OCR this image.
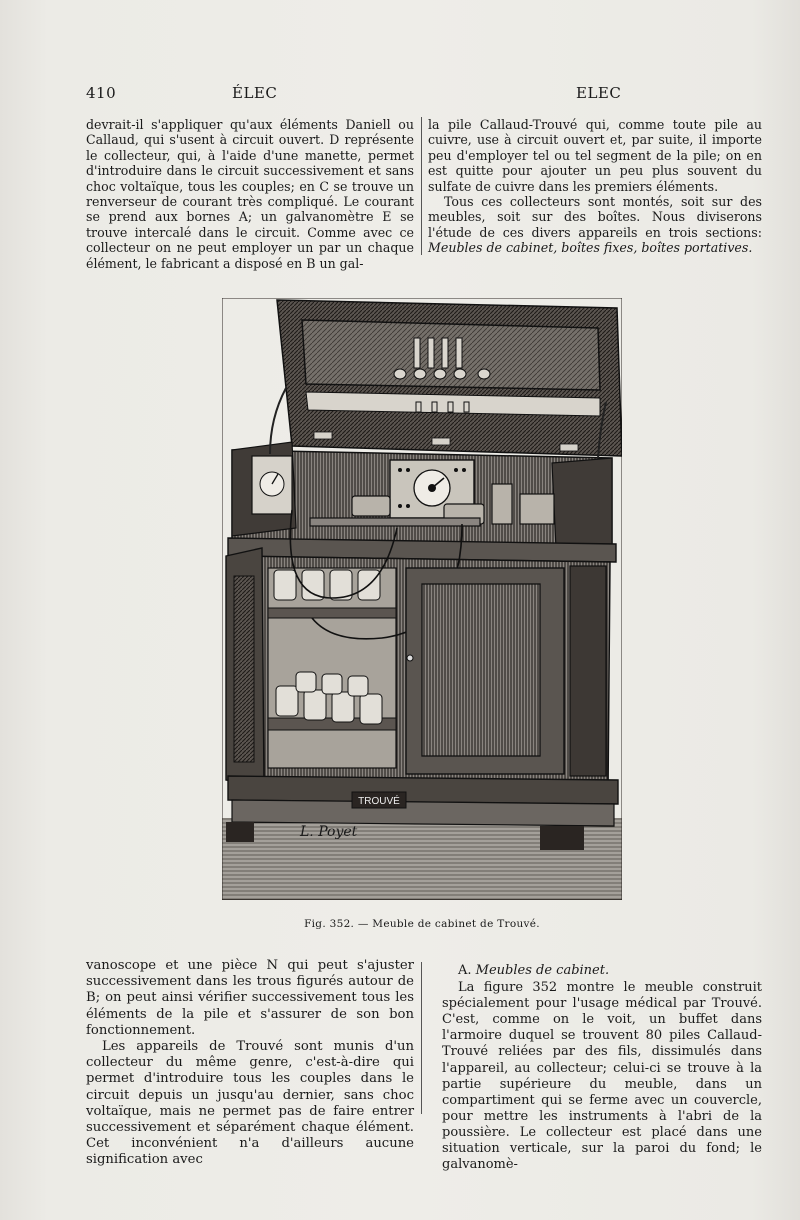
410	ÉLEC	ELEC

devrait-il s'appliquer qu'aux éléments Daniell ou Callaud, qui s'usent à circuit ouvert. D représente le collecteur, qui, à l'aide d'une manette, permet d'introduire dans le circuit successivement et sans choc voltaïque, tous les couples; en C se trouve un renverseur de courant très compliqué. Le courant se prend aux bornes A; un galvanomètre E se trouve intercalé dans le circuit. Comme avec ce collecteur on ne peut employer un par un chaque élément, le fabricant a disposé en B un gal-

la pile Callaud-Trouvé qui, comme toute pile au cuivre, use à circuit ouvert et, par suite, il importe peu d'employer tel ou tel segment de la pile; on en est quitte pour ajouter un peu plus souvent du sulfate de cuivre dans les premiers éléments.

Tous ces collecteurs sont montés, soit sur des meubles, soit sur des boîtes. Nous diviserons l'étude de ces divers appareils en trois sections: Meubles de cabinet, boîtes fixes, boîtes portatives.

TROUVÉ
L. Poyet
Fig. 352. — Meuble de cabinet de Trouvé.

vanoscope et une pièce N qui peut s'ajuster successivement dans les trous figurés autour de B; on peut ainsi vérifier successivement tous les éléments de la pile et s'assurer de son bon fonctionnement.

Les appareils de Trouvé sont munis d'un collecteur du même genre, c'est-à-dire qui permet d'introduire tous les couples dans le circuit depuis un jusqu'au dernier, sans choc voltaïque, mais ne permet pas de faire entrer successivement et séparément chaque élément. Cet inconvénient n'a d'ailleurs aucune signification avec

A. Meubles de cabinet.

La figure 352 montre le meuble construit spécialement pour l'usage médical par Trouvé. C'est, comme on le voit, un buffet dans l'armoire duquel se trouvent 80 piles Callaud-Trouvé reliées par des fils, dissimulés dans l'appareil, au collecteur; celui-ci se trouve à la partie supérieure du meuble, dans un compartiment qui se ferme avec un couvercle, pour mettre les instruments à l'abri de la poussière. Le collecteur est placé dans une situation verticale, sur la paroi du fond; le galvanomè-
